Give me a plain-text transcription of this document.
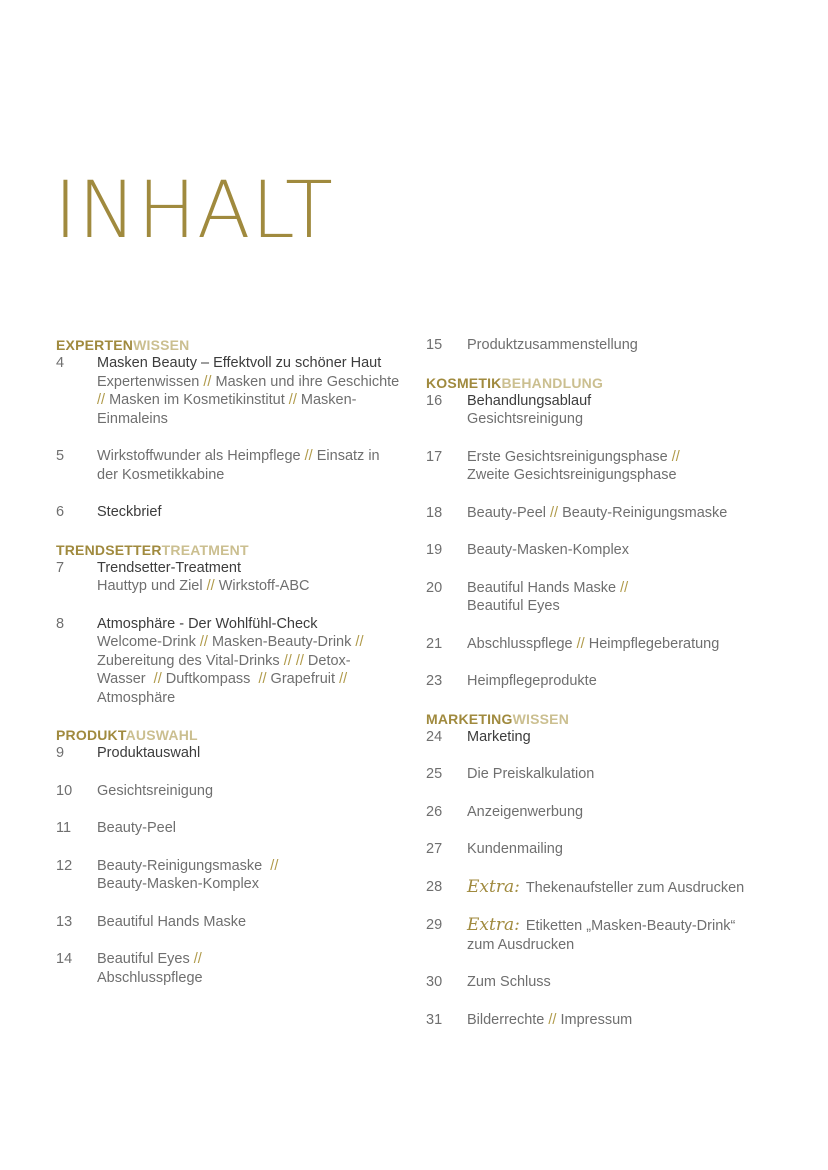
INHALT
EXPERTENWISSEN
4	Masken Beauty – Effektvoll zu schöner Haut
Expertenwissen // Masken und ihre Geschichte
// Masken im Kosmetikinstitut // Masken-
Einmaleins
5	Wirkstoffwunder als Heimpflege // Einsatz in
der Kosmetikkabine
6	Steckbrief
TRENDSETTERTREATMENT
7	Trendsetter-Treatment
Hauttyp und Ziel // Wirkstoff-ABC
8	Atmosphäre - Der Wohlfühl-Check
Welcome-Drink // Masken-Beauty-Drink //
Zubereitung des Vital-Drinks // // Detox-
Wasser // Duftkompass // Grapefruit //
Atmosphäre
PRODUKTAUSWAHL
9	Produktauswahl
10	Gesichtsreinigung
11	Beauty-Peel
12	Beauty-Reinigungsmaske //
Beauty-Masken-Komplex
13	Beautiful Hands Maske
14	Beautiful Eyes //
Abschlusspflege
15	Produktzusammenstellung
KOSMETIKBEHANDLUNG
16	Behandlungsablauf
Gesichtsreinigung
17	Erste Gesichtsreinigungsphase //
Zweite Gesichtsreinigungsphase
18	Beauty-Peel // Beauty-Reinigungsmaske
19	Beauty-Masken-Komplex
20	Beautiful Hands Maske //
Beautiful Eyes
21	Abschlusspflege // Heimpflegeberatung
23	Heimpflegeprodukte
MARKETINGWISSEN
24	Marketing
25	Die Preiskalkulation
26	Anzeigenwerbung
27	Kundenmailing
28	Extra: Thekenaufsteller zum Ausdrucken
29	Extra: Etiketten „Masken-Beauty-Drink“
zum Ausdrucken
30	Zum Schluss
31	Bilderrechte // Impressum
